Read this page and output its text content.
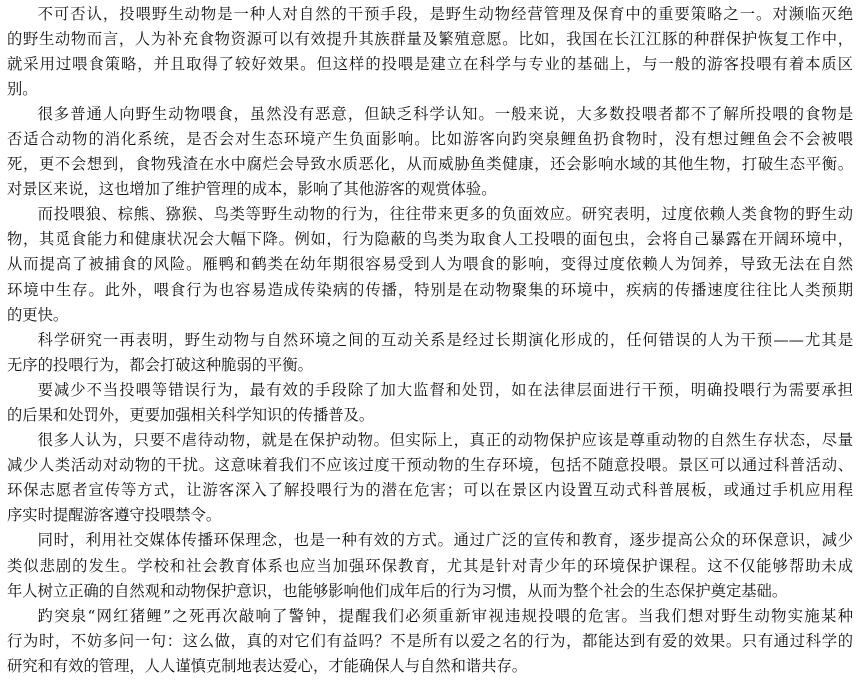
不可否认，投喂野生动物是一种人对自然的干预手段，是野生动物经营管理及保育中的重要策略之一。对濒临灭绝
的野生动物而言，人为补充食物资源可以有效提升其族群量及繁殖意愿。比如，我国在长江江豚的种群保护恢复工作中，
就采用过喂食策略，并且取得了较好效果。但这样的投喂是建立在科学与专业的基础上，与一般的游客投喂有着本质区
别。
很多普通人向野生动物喂食，虽然没有恶意，但缺乏科学认知。一般来说，大多数投喂者都不了解所投喂的食物是
否适合动物的消化系统，是否会对生态环境产生负面影响。比如游客向趵突泉鲤鱼扔食物时，没有想过鲤鱼会不会被喂
死，更不会想到，食物残渣在水中腐烂会导致水质恶化，从而威胁鱼类健康，还会影响水域的其他生物，打破生态平衡。
对景区来说，这也增加了维护管理的成本，影响了其他游客的观赏体验。
而投喂狼、棕熊、猕猴、鸟类等野生动物的行为，往往带来更多的负面效应。研究表明，过度依赖人类食物的野生动
物，其觅食能力和健康状况会大幅下降。例如，行为隐蔽的鸟类为取食人工投喂的面包虫，会将自己暴露在开阔环境中，
从而提高了被捕食的风险。雁鸭和鹤类在幼年期很容易受到人为喂食的影响，变得过度依赖人为饲养，导致无法在自然
环境中生存。此外，喂食行为也容易造成传染病的传播，特别是在动物聚集的环境中，疾病的传播速度往往比人类预期
的更快。
科学研究一再表明，野生动物与自然环境之间的互动关系是经过长期演化形成的，任何错误的人为干预——尤其是
无序的投喂行为，都会打破这种脆弱的平衡。
要减少不当投喂等错误行为，最有效的手段除了加大监督和处罚，如在法律层面进行干预，明确投喂行为需要承担
的后果和处罚外，更要加强相关科学知识的传播普及。
很多人认为，只要不虐待动物，就是在保护动物。但实际上，真正的动物保护应该是尊重动物的自然生存状态，尽量
减少人类活动对动物的干扰。这意味着我们不应该过度干预动物的生存环境，包括不随意投喂。景区可以通过科普活动、
环保志愿者宣传等方式，让游客深入了解投喂行为的潜在危害；可以在景区内设置互动式科普展板，或通过手机应用程
序实时提醒游客遵守投喂禁令。
同时，利用社交媒体传播环保理念，也是一种有效的方式。通过广泛的宣传和教育，逐步提高公众的环保意识，减少
类似悲剧的发生。学校和社会教育体系也应当加强环保教育，尤其是针对青少年的环境保护课程。这不仅能够帮助未成
年人树立正确的自然观和动物保护意识，也能够影响他们成年后的行为习惯，从而为整个社会的生态保护奠定基础。
趵突泉“网红猪鲤”之死再次敲响了警钟，提醒我们必须重新审视违规投喂的危害。当我们想对野生动物实施某种
行为时，不妨多问一句：这么做，真的对它们有益吗？不是所有以爱之名的行为，都能达到有爱的效果。只有通过科学的
研究和有效的管理，人人谨慎克制地表达爱心，才能确保人与自然和谐共存。
